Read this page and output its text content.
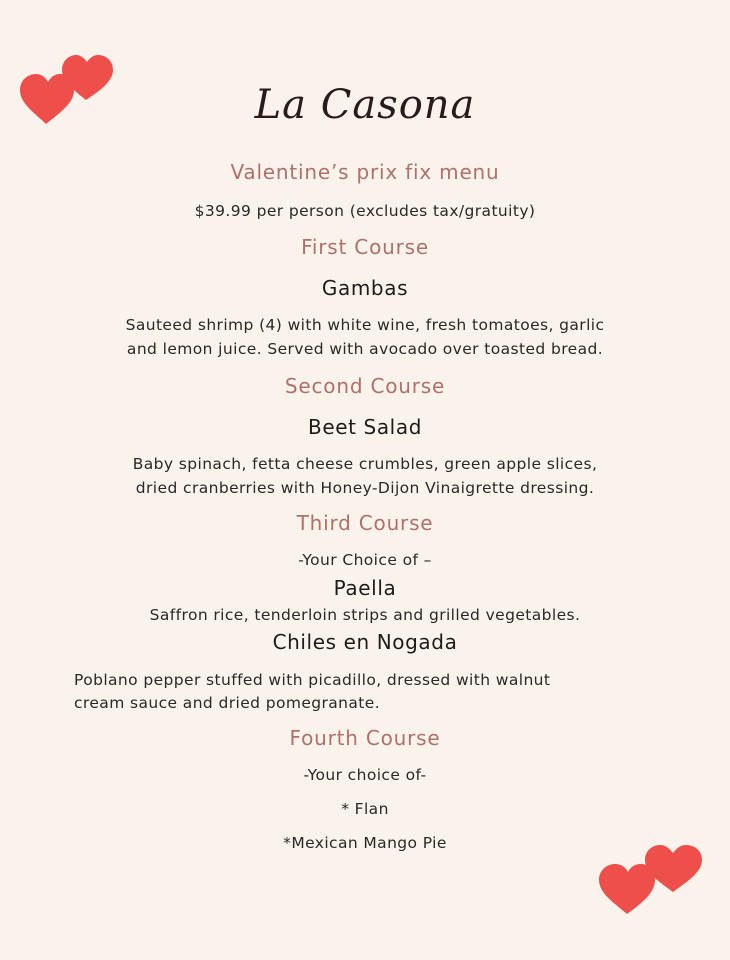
La Casona
Valentine’s prix fix menu
$39.99 per person (excludes tax/gratuity)
First Course
Gambas
Sauteed shrimp (4) with white wine, fresh tomatoes, garlic
and lemon juice. Served with avocado over toasted bread.
Second Course
Beet Salad
Baby spinach, fetta cheese crumbles, green apple slices,
dried cranberries with Honey-Dijon Vinaigrette dressing.
Third Course
-Your Choice of –
Paella
Saffron rice, tenderloin strips and grilled vegetables.
Chiles en Nogada
Poblano pepper stuffed with picadillo, dressed with walnut
cream sauce and dried pomegranate.
Fourth Course
-Your choice of-
* Flan
*Mexican Mango Pie
